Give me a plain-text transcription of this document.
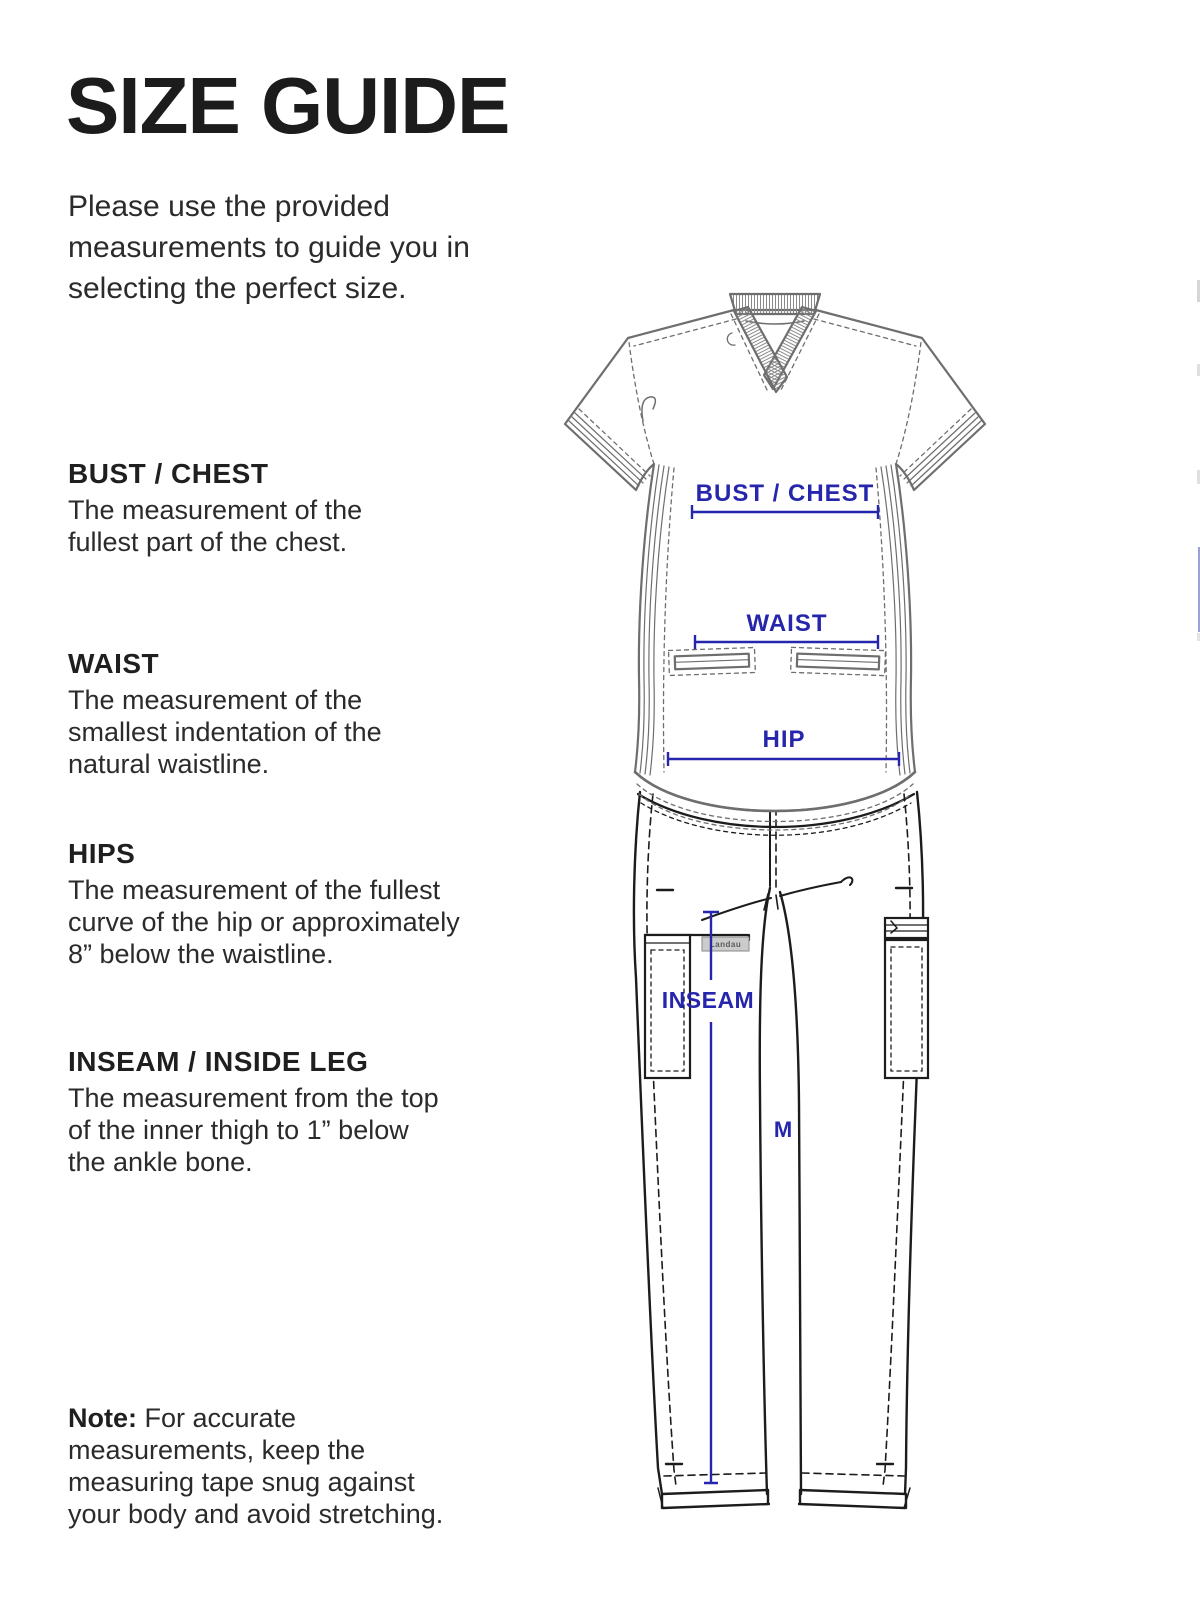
SIZE GUIDE
Please use the provided
measurements to guide you in
selecting the perfect size.
BUST / CHEST
The measurement of the
fullest part of the chest.
WAIST
The measurement of the
smallest indentation of the
natural waistline.
HIPS
The measurement of the fullest
curve of the hip or approximately
8” below the waistline.
INSEAM / INSIDE LEG
The measurement from the top
of the inner thigh to 1” below
the ankle bone.
Note: For accurate
measurements, keep the
measuring tape snug against
your body and avoid stretching.
Landau
BUST / CHEST
WAIST
HIP
INSEAM
M
